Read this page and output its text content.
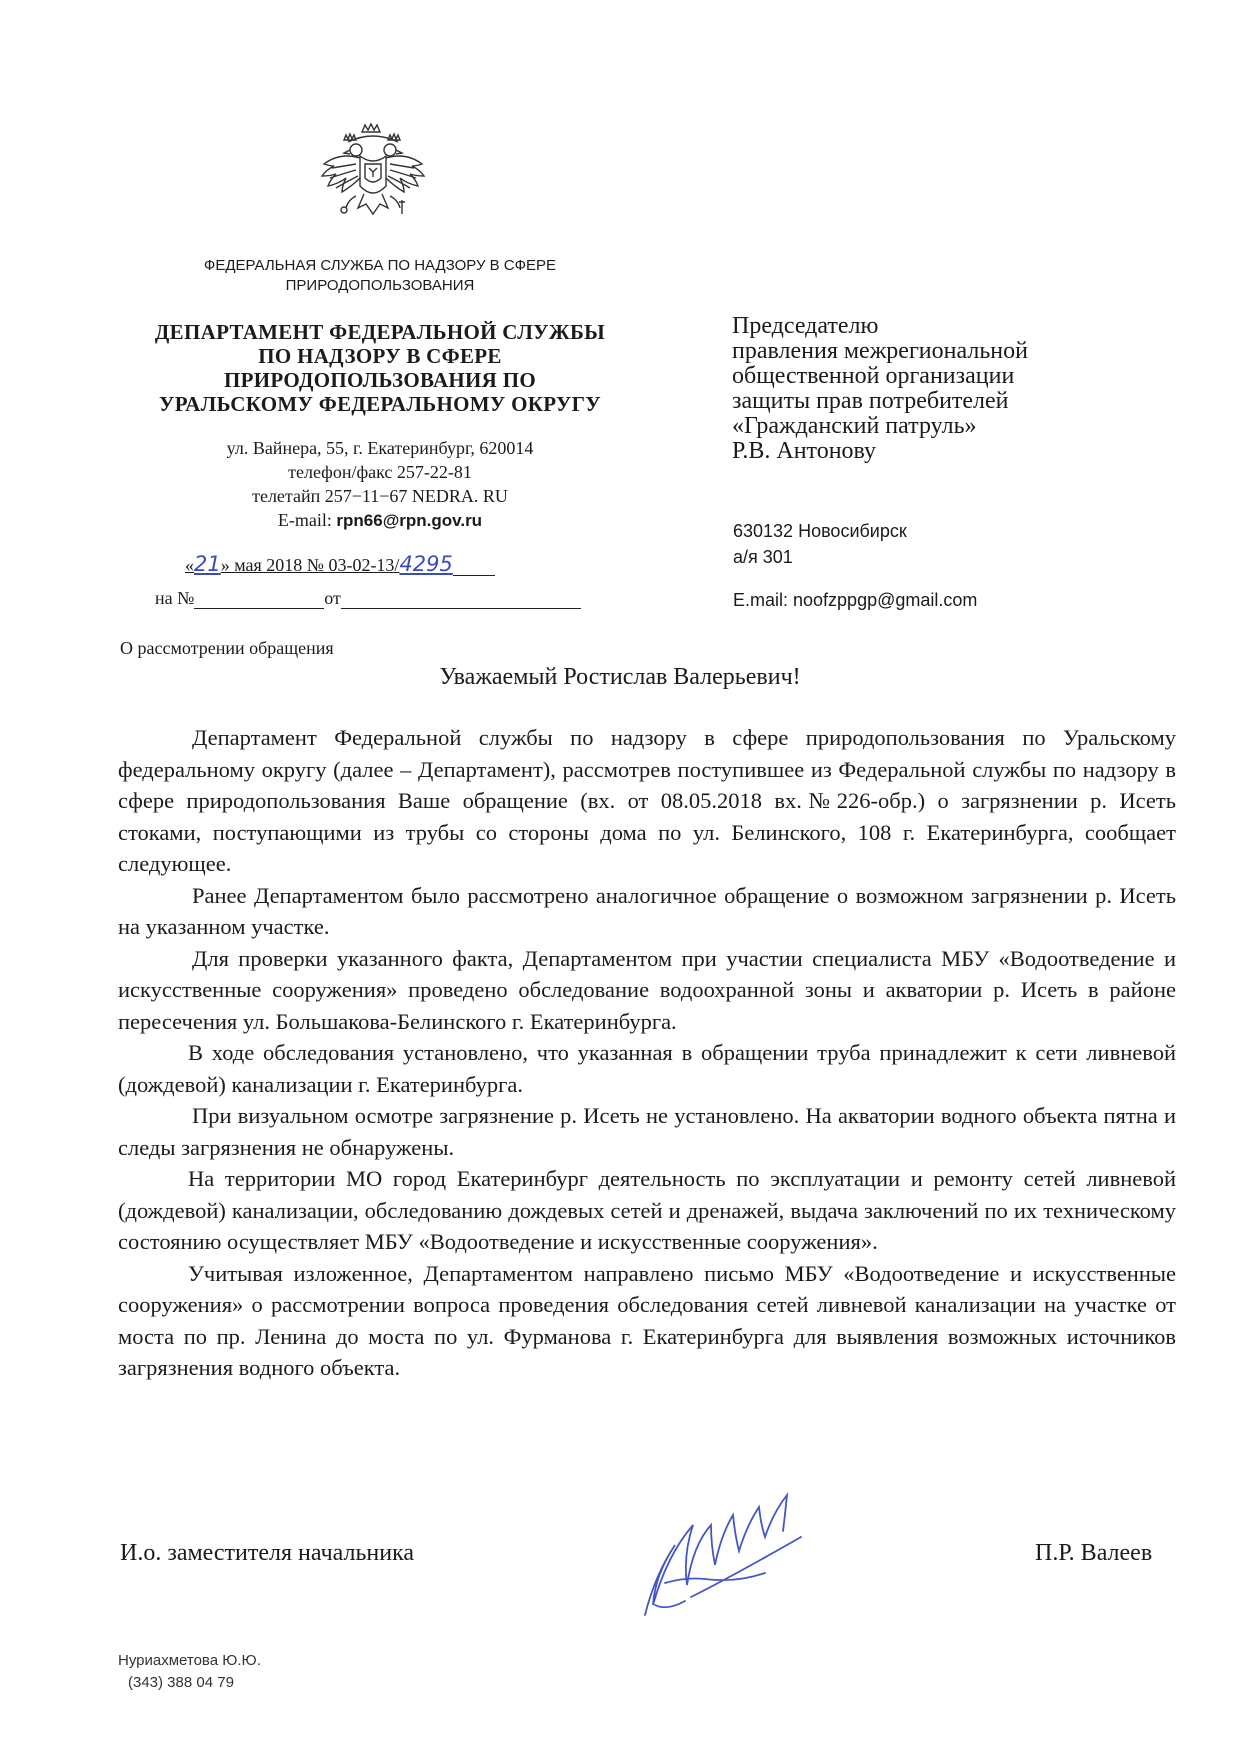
ФЕДЕРАЛЬНАЯ СЛУЖБА ПО НАДЗОРУ В СФЕРЕ
ПРИРОДОПОЛЬЗОВАНИЯ
ДЕПАРТАМЕНТ ФЕДЕРАЛЬНОЙ СЛУЖБЫ
ПО НАДЗОРУ В СФЕРЕ
ПРИРОДОПОЛЬЗОВАНИЯ ПО
УРАЛЬСКОМУ ФЕДЕРАЛЬНОМУ ОКРУГУ
ул. Вайнера, 55, г. Екатеринбург, 620014
телефон/факс 257-22-81
телетайп 257−11−67 NEDRA. RU
E-mail: rpn66@rpn.gov.ru
«21» мая 2018 № 03-02-13/4295
на №	от
Председателю
правления межрегиональной
общественной организации
защиты прав потребителей
«Гражданский патруль»
Р.В. Антонову
630132 Новосибирск
а/я 301
E.mail: noofzppgp@gmail.com
О рассмотрении обращения
Уважаемый Ростислав Валерьевич!

Департамент Федеральной службы по надзору в сфере природопользования по Уральскому федеральному округу (далее – Департамент), рассмотрев поступившее из Федеральной службы по надзору в сфере природопользования Ваше обращение (вх. от 08.05.2018 вх.№226-обр.) о загрязнении р. Исеть стоками, поступающими из трубы со стороны дома по ул. Белинского, 108 г. Екатеринбурга, сообщает следующее.

Ранее Департаментом было рассмотрено аналогичное обращение о возможном загрязнении р. Исеть на указанном участке.

Для проверки указанного факта, Департаментом при участии специалиста МБУ «Водоотведение и искусственные сооружения» проведено обследование водоохранной зоны и акватории р. Исеть в районе пересечения ул. Большакова-Белинского г. Екатеринбурга.

В ходе обследования установлено, что указанная в обращении труба принадлежит к сети ливневой (дождевой) канализации г. Екатеринбурга.

При визуальном осмотре загрязнение р. Исеть не установлено. На акватории водного объекта пятна и следы загрязнения не обнаружены.

На территории МО город Екатеринбург деятельность по эксплуатации и ремонту сетей ливневой (дождевой) канализации, обследованию дождевых сетей и дренажей, выдача заключений по их техническому состоянию осуществляет МБУ «Водоотведение и искусственные сооружения».

Учитывая изложенное, Департаментом направлено письмо МБУ «Водоотведение и искусственные сооружения» о рассмотрении вопроса проведения обследования сетей ливневой канализации на участке от моста по пр. Ленина до моста по ул. Фурманова г. Екатеринбурга для выявления возможных источников загрязнения водного объекта.

И.о. заместителя начальника	П.Р. Валеев
Нуриахметова Ю.Ю.
(343) 388 04 79
